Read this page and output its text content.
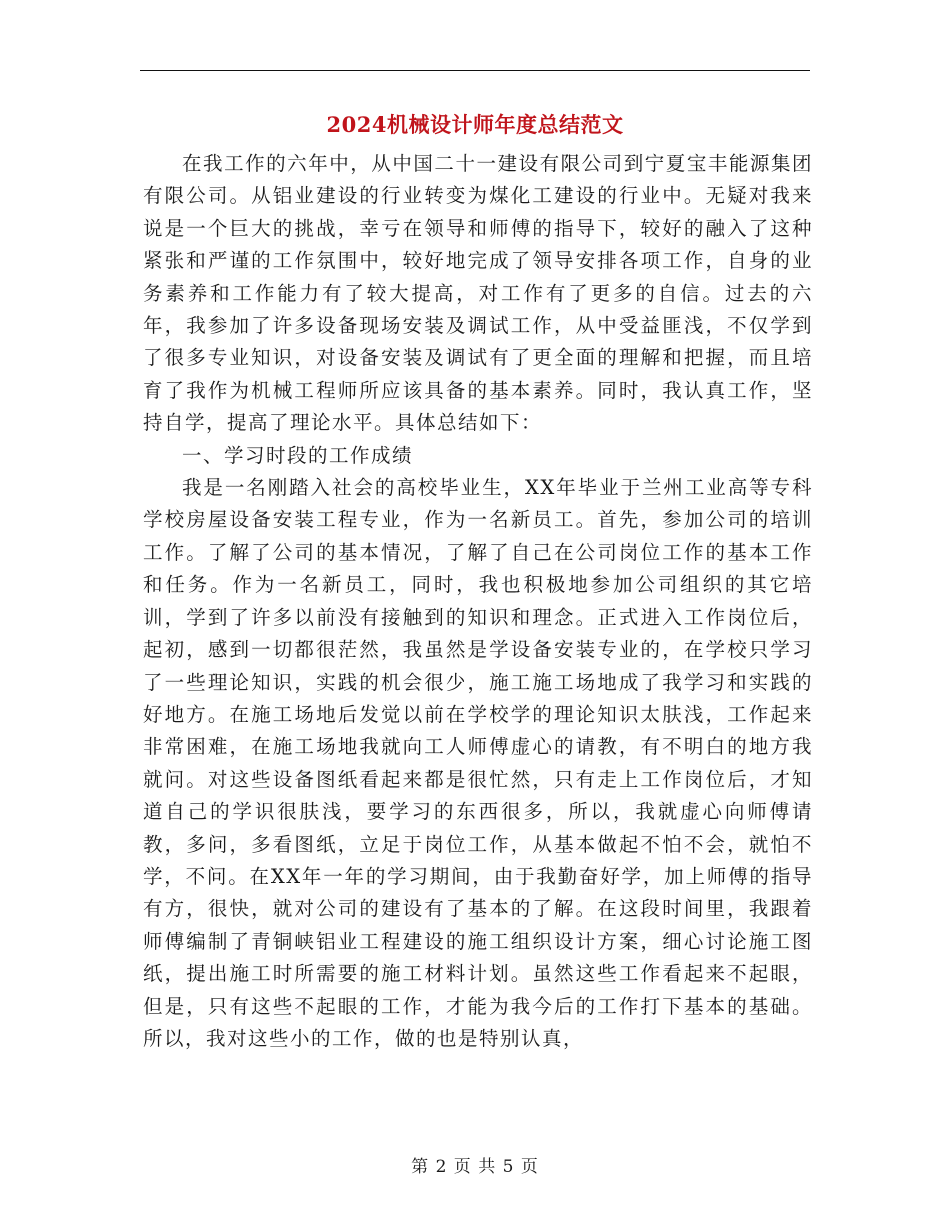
2024机械设计师年度总结范文

在我工作的六年中，从中国二十一建设有限公司到宁夏宝丰能源集团有限公司。从铝业建设的行业转变为煤化工建设的行业中。无疑对我来说是一个巨大的挑战，幸亏在领导和师傅的指导下，较好的融入了这种紧张和严谨的工作氛围中，较好地完成了领导安排各项工作，自身的业务素养和工作能力有了较大提高，对工作有了更多的自信。过去的六年，我参加了许多设备现场安装及调试工作，从中受益匪浅，不仅学到了很多专业知识，对设备安装及调试有了更全面的理解和把握，而且培育了我作为机械工程师所应该具备的基本素养。同时，我认真工作，坚持自学，提高了理论水平。具体总结如下：

一、学习时段的工作成绩

我是一名刚踏入社会的高校毕业生，XX年毕业于兰州工业高等专科学校房屋设备安装工程专业，作为一名新员工。首先，参加公司的培训工作。了解了公司的基本情况，了解了自己在公司岗位工作的基本工作和任务。作为一名新员工，同时，我也积极地参加公司组织的其它培训，学到了许多以前没有接触到的知识和理念。正式进入工作岗位后，起初，感到一切都很茫然，我虽然是学设备安装专业的，在学校只学习了一些理论知识，实践的机会很少，施工施工场地成了我学习和实践的好地方。在施工场地后发觉以前在学校学的理论知识太肤浅，工作起来非常困难，在施工场地我就向工人师傅虚心的请教，有不明白的地方我就问。对这些设备图纸看起来都是很忙然，只有走上工作岗位后，才知道自己的学识很肤浅，要学习的东西很多，所以，我就虚心向师傅请教，多问，多看图纸，立足于岗位工作，从基本做起不怕不会，就怕不学，不问。在XX年一年的学习期间，由于我勤奋好学，加上师傅的指导有方，很快，就对公司的建设有了基本的了解。在这段时间里，我跟着师傅编制了青铜峡铝业工程建设的施工组织设计方案，细心讨论施工图纸，提出施工时所需要的施工材料计划。虽然这些工作看起来不起眼，但是，只有这些不起眼的工作，才能为我今后的工作打下基本的基础。所以，我对这些小的工作，做的也是特别认真，

第 2 页 共 5 页
